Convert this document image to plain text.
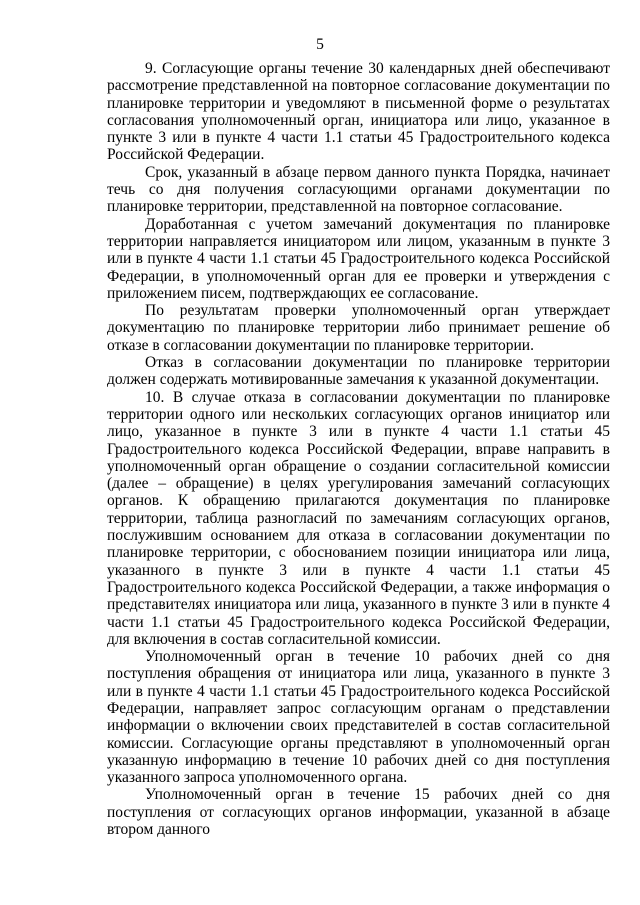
5

9. Согласующие органы течение 30 календарных дней обеспечивают рассмотрение представленной на повторное согласование документации по планировке территории и уведомляют в письменной форме о результатах согласования уполномоченный орган, инициатора или лицо, указанное в пункте 3 или в пункте 4 части 1.1 статьи 45 Градостроительного кодекса Российской Федерации.

Срок, указанный в абзаце первом данного пункта Порядка, начинает течь со дня получения согласующими органами документации по планировке территории, представленной на повторное согласование.

Доработанная с учетом замечаний документация по планировке территории направляется инициатором или лицом, указанным в пункте 3 или в пункте 4 части 1.1 статьи 45 Градостроительного кодекса Российской Федерации, в уполномоченный орган для ее проверки и утверждения с приложением писем, подтверждающих ее согласование.

По результатам проверки уполномоченный орган утверждает документацию по планировке территории либо принимает решение об отказе в согласовании документации по планировке территории.

Отказ в согласовании документации по планировке территории должен содержать мотивированные замечания к указанной документации.

10. В случае отказа в согласовании документации по планировке территории одного или нескольких согласующих органов инициатор или лицо, указанное в пункте 3 или в пункте 4 части 1.1 статьи 45 Градостроительного кодекса Российской Федерации, вправе направить в уполномоченный орган обращение о создании согласительной комиссии (далее – обращение) в целях урегулирования замечаний согласующих органов. К обращению прилагаются документация по планировке территории, таблица разногласий по замечаниям согласующих органов, послужившим основанием для отказа в согласовании документации по планировке территории, с обоснованием позиции инициатора или лица, указанного в пункте 3 или в пункте 4 части 1.1 статьи 45 Градостроительного кодекса Российской Федерации, а также информация о представителях инициатора или лица, указанного в пункте 3 или в пункте 4 части 1.1 статьи 45 Градостроительного кодекса Российской Федерации, для включения в состав согласительной комиссии.

Уполномоченный орган в течение 10 рабочих дней со дня поступления обращения от инициатора или лица, указанного в пункте 3 или в пункте 4 части 1.1 статьи 45 Градостроительного кодекса Российской Федерации, направляет запрос согласующим органам о представлении информации о включении своих представителей в состав согласительной комиссии. Согласующие органы представляют в уполномоченный орган указанную информацию в течение 10 рабочих дней со дня поступления указанного запроса уполномоченного органа.

Уполномоченный орган в течение 15 рабочих дней со дня поступления от согласующих органов информации, указанной в абзаце втором данного
